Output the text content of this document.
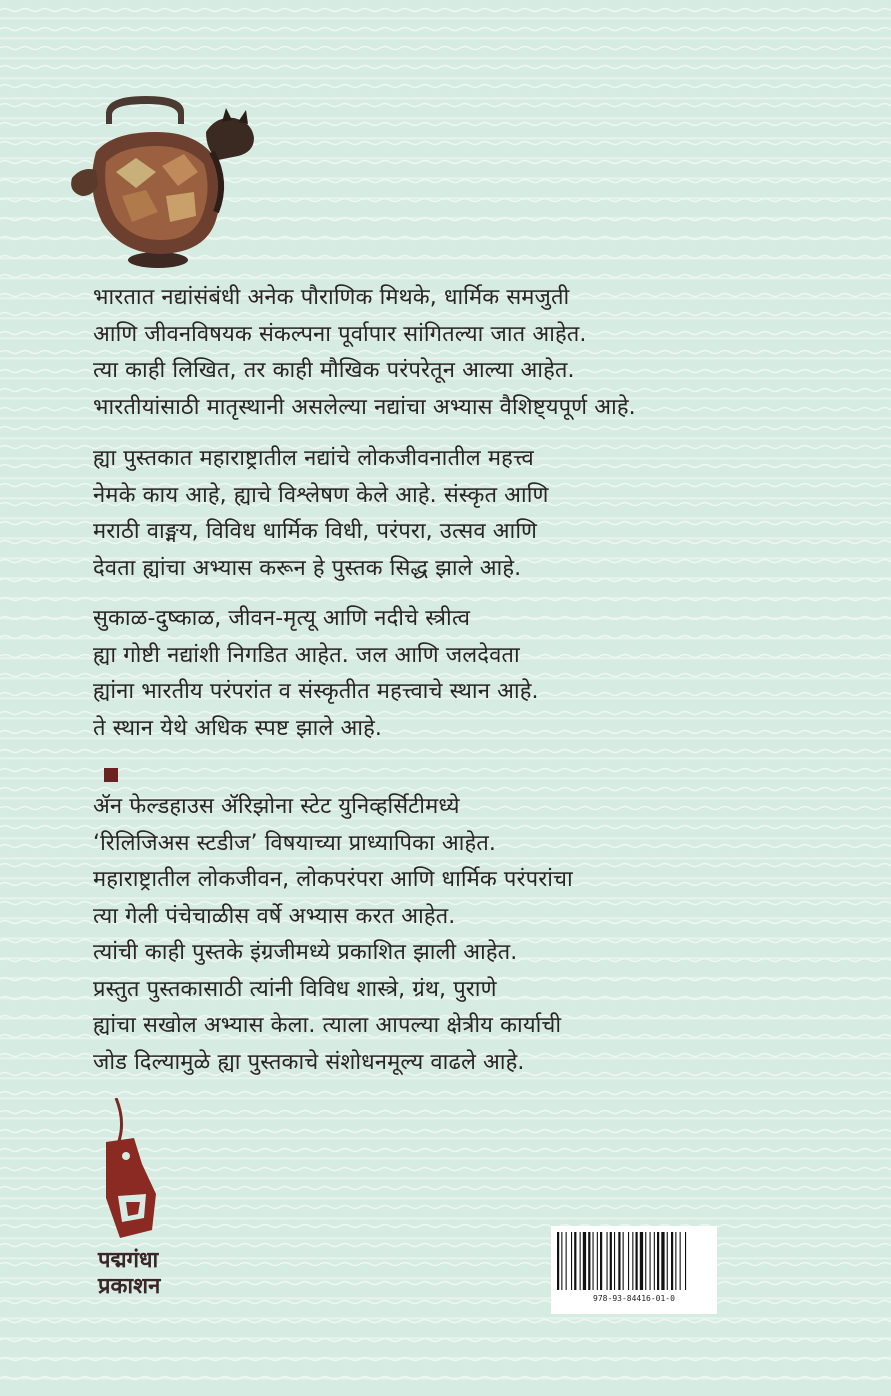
भारतात नद्यांसंबंधी अनेक पौराणिक मिथके, धार्मिक समजुती
आणि जीवनविषयक संकल्पना पूर्वापार सांगितल्या जात आहेत.
त्या काही लिखित, तर काही मौखिक परंपरेतून आल्या आहेत.
भारतीयांसाठी मातृस्थानी असलेल्या नद्यांचा अभ्यास वैशिष्ट्यपूर्ण आहे.
ह्या पुस्तकात महाराष्ट्रातील नद्यांचे लोकजीवनातील महत्त्व
नेमके काय आहे, ह्याचे विश्लेषण केले आहे. संस्कृत आणि
मराठी वाङ्मय, विविध धार्मिक विधी, परंपरा, उत्सव आणि
देवता ह्यांचा अभ्यास करून हे पुस्तक सिद्ध झाले आहे.
सुकाळ-दुष्काळ, जीवन-मृत्यू आणि नदीचे स्त्रीत्व
ह्या गोष्टी नद्यांशी निगडित आहेत. जल आणि जलदेवता
ह्यांना भारतीय परंपरांत व संस्कृतीत महत्त्वाचे स्थान आहे.
ते स्थान येथे अधिक स्पष्ट झाले आहे.
ॲन फेल्डहाउस ॲरिझोना स्टेट युनिव्हर्सिटीमध्ये
‘रिलिजिअस स्टडीज’ विषयाच्या प्राध्यापिका आहेत.
महाराष्ट्रातील लोकजीवन, लोकपरंपरा आणि धार्मिक परंपरांचा
त्या गेली पंचेचाळीस वर्षे अभ्यास करत आहेत.
त्यांची काही पुस्तके इंग्रजीमध्ये प्रकाशित झाली आहेत.
प्रस्तुत पुस्तकासाठी त्यांनी विविध शास्त्रे, ग्रंथ, पुराणे
ह्यांचा सखोल अभ्यास केला. त्याला आपल्या क्षेत्रीय कार्याची
जोड दिल्यामुळे ह्या पुस्तकाचे संशोधनमूल्य वाढले आहे.
पद्मगंधा
प्रकाशन	978-93-84416-01-0
